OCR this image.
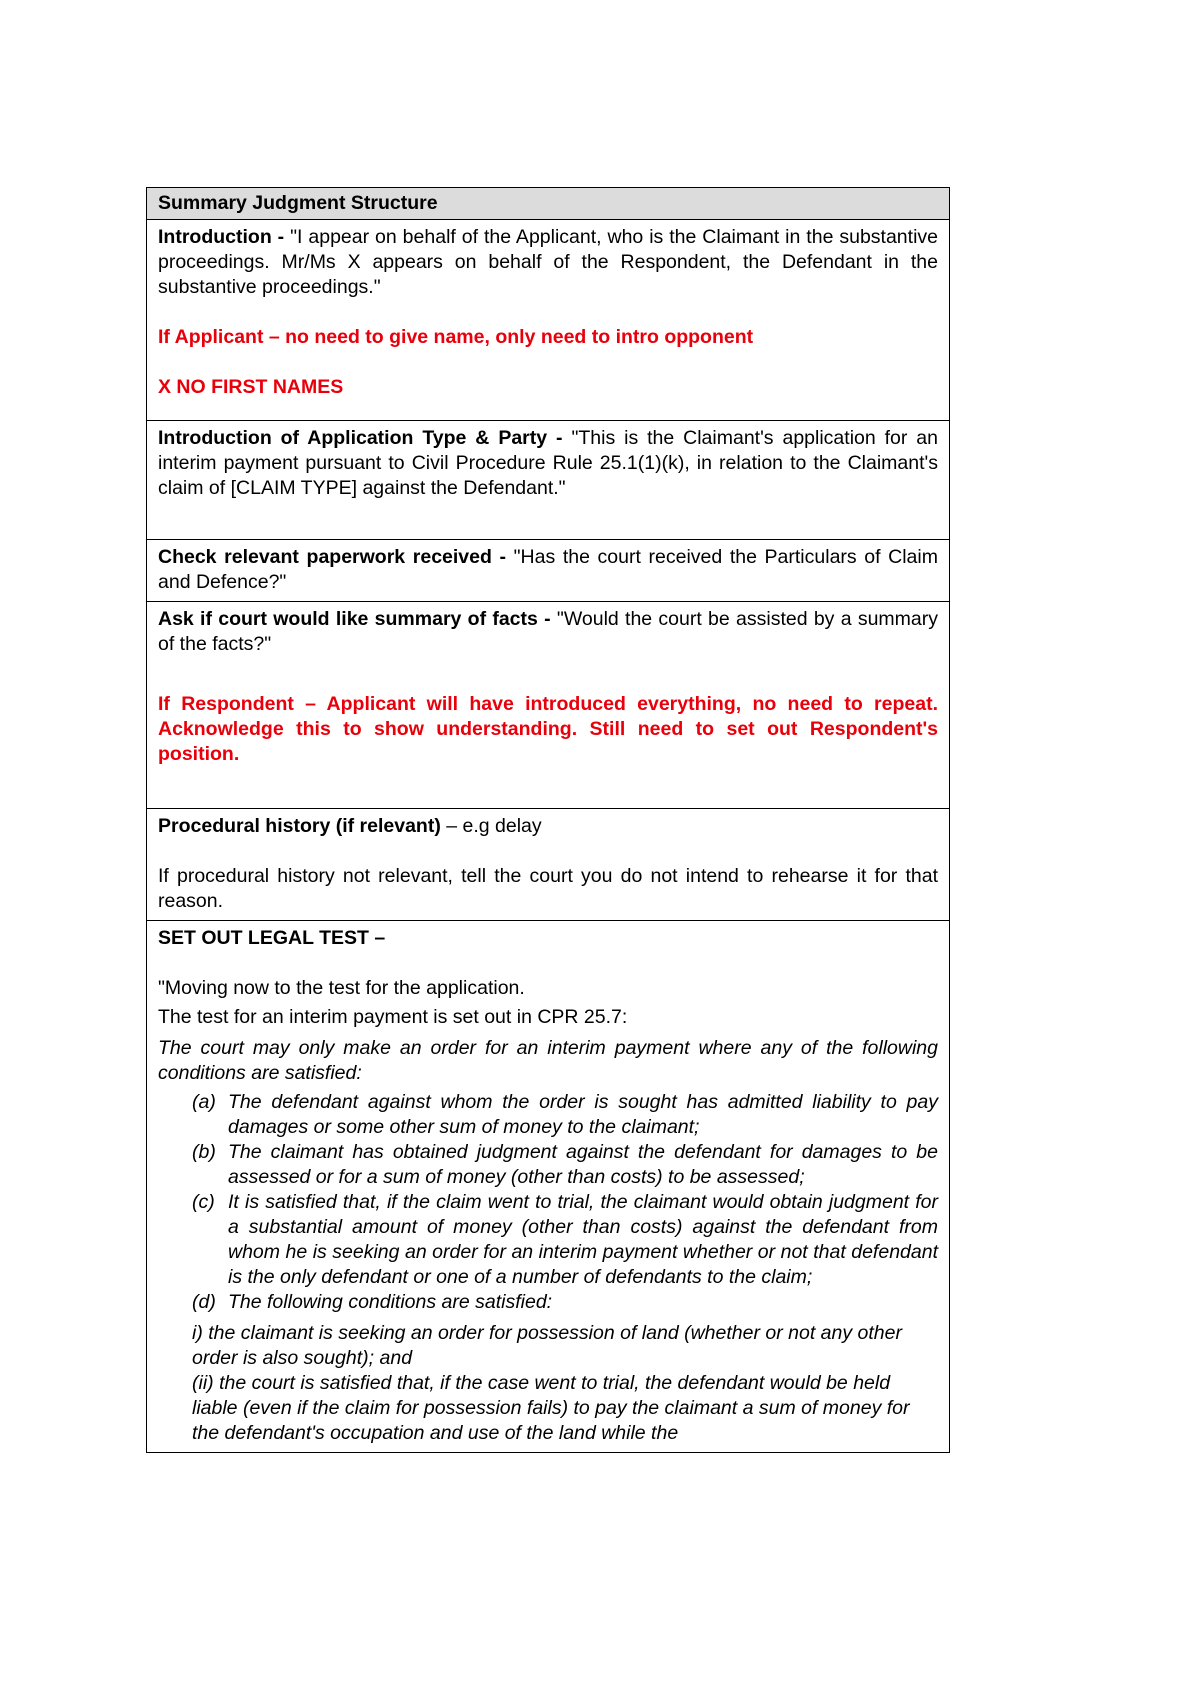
Summary Judgment Structure

Introduction - "I appear on behalf of the Applicant, who is the Claimant in the substantive proceedings. Mr/Ms X appears on behalf of the Respondent, the Defendant in the substantive proceedings."

If Applicant – no need to give name, only need to intro opponent

X NO FIRST NAMES

Introduction of Application Type & Party - "This is the Claimant's application for an interim payment pursuant to Civil Procedure Rule 25.1(1)(k), in relation to the Claimant's claim of [CLAIM TYPE] against the Defendant."

Check relevant paperwork received - "Has the court received the Particulars of Claim and Defence?"

Ask if court would like summary of facts - "Would the court be assisted by a summary of the facts?"

If Respondent – Applicant will have introduced everything, no need to repeat. Acknowledge this to show understanding. Still need to set out Respondent's position.

Procedural history (if relevant) – e.g delay

If procedural history not relevant, tell the court you do not intend to rehearse it for that reason.

SET OUT LEGAL TEST –

"Moving now to the test for the application.

The test for an interim payment is set out in CPR 25.7:

The court may only make an order for an interim payment where any of the following conditions are satisfied:

(a) The defendant against whom the order is sought has admitted liability to pay damages or some other sum of money to the claimant;
(b) The claimant has obtained judgment against the defendant for damages to be assessed or for a sum of money (other than costs) to be assessed;
(c) It is satisfied that, if the claim went to trial, the claimant would obtain judgment for a substantial amount of money (other than costs) against the defendant from whom he is seeking an order for an interim payment whether or not that defendant is the only defendant or one of a number of defendants to the claim;
(d) The following conditions are satisfied:

i) the claimant is seeking an order for possession of land (whether or not any other order is also sought); and

(ii) the court is satisfied that, if the case went to trial, the defendant would be held liable (even if the claim for possession fails) to pay the claimant a sum of money for the defendant's occupation and use of the land while the
